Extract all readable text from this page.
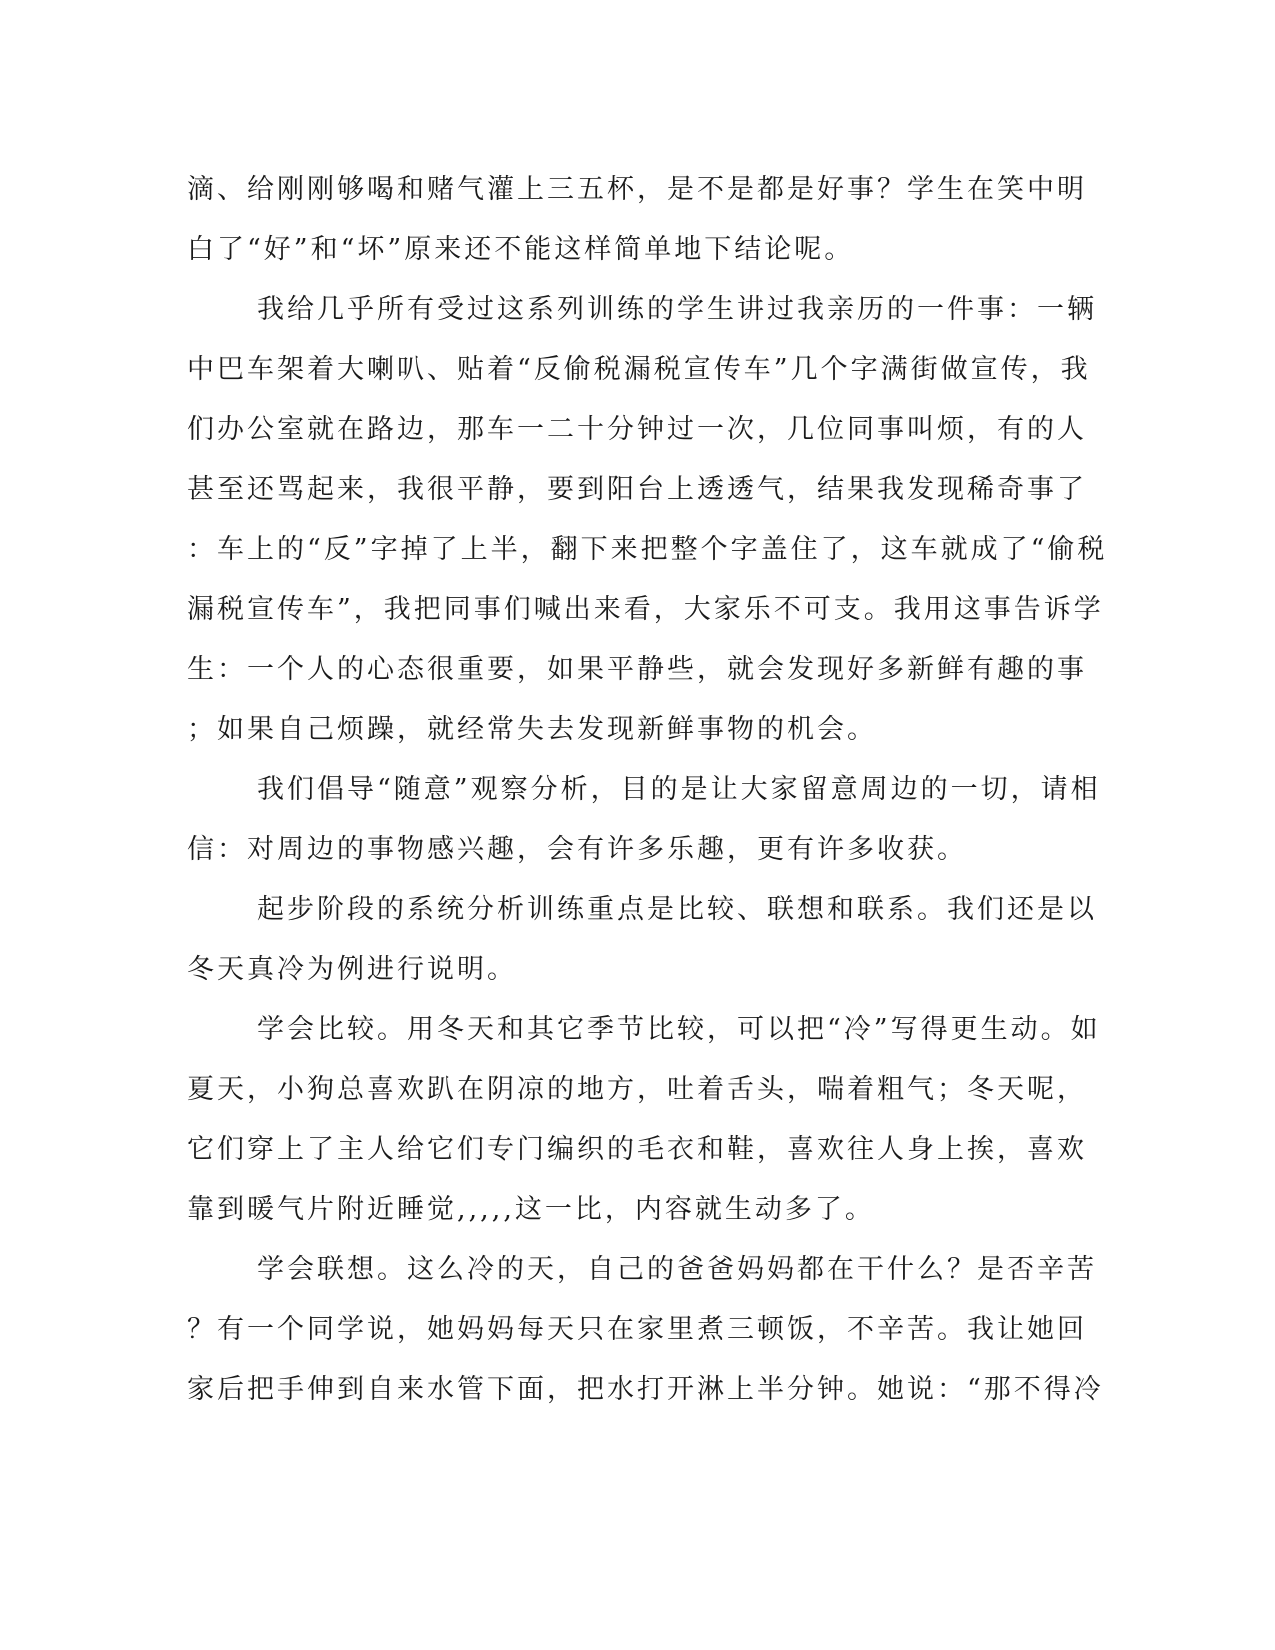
滴、给刚刚够喝和赌气灌上三五杯，是不是都是好事？学生在笑中明
白了“好”和“坏”原来还不能这样简单地下结论呢。
我给几乎所有受过这系列训练的学生讲过我亲历的一件事：一辆
中巴车架着大喇叭、贴着“反偷税漏税宣传车”几个字满街做宣传，我
们办公室就在路边，那车一二十分钟过一次，几位同事叫烦，有的人
甚至还骂起来，我很平静，要到阳台上透透气，结果我发现稀奇事了
：车上的“反”字掉了上半，翻下来把整个字盖住了，这车就成了“偷税
漏税宣传车”，我把同事们喊出来看，大家乐不可支。我用这事告诉学
生：一个人的心态很重要，如果平静些，就会发现好多新鲜有趣的事
；如果自己烦躁，就经常失去发现新鲜事物的机会。
我们倡导“随意”观察分析，目的是让大家留意周边的一切，请相
信：对周边的事物感兴趣，会有许多乐趣，更有许多收获。
起步阶段的系统分析训练重点是比较、联想和联系。我们还是以
冬天真冷为例进行说明。
学会比较。用冬天和其它季节比较，可以把“冷”写得更生动。如
夏天，小狗总喜欢趴在阴凉的地方，吐着舌头，喘着粗气；冬天呢，
它们穿上了主人给它们专门编织的毛衣和鞋，喜欢往人身上挨，喜欢
靠到暖气片附近睡觉,,,,,这一比，内容就生动多了。
学会联想。这么冷的天，自己的爸爸妈妈都在干什么？是否辛苦
？有一个同学说，她妈妈每天只在家里煮三顿饭，不辛苦。我让她回
家后把手伸到自来水管下面，把水打开淋上半分钟。她说：“那不得冷
